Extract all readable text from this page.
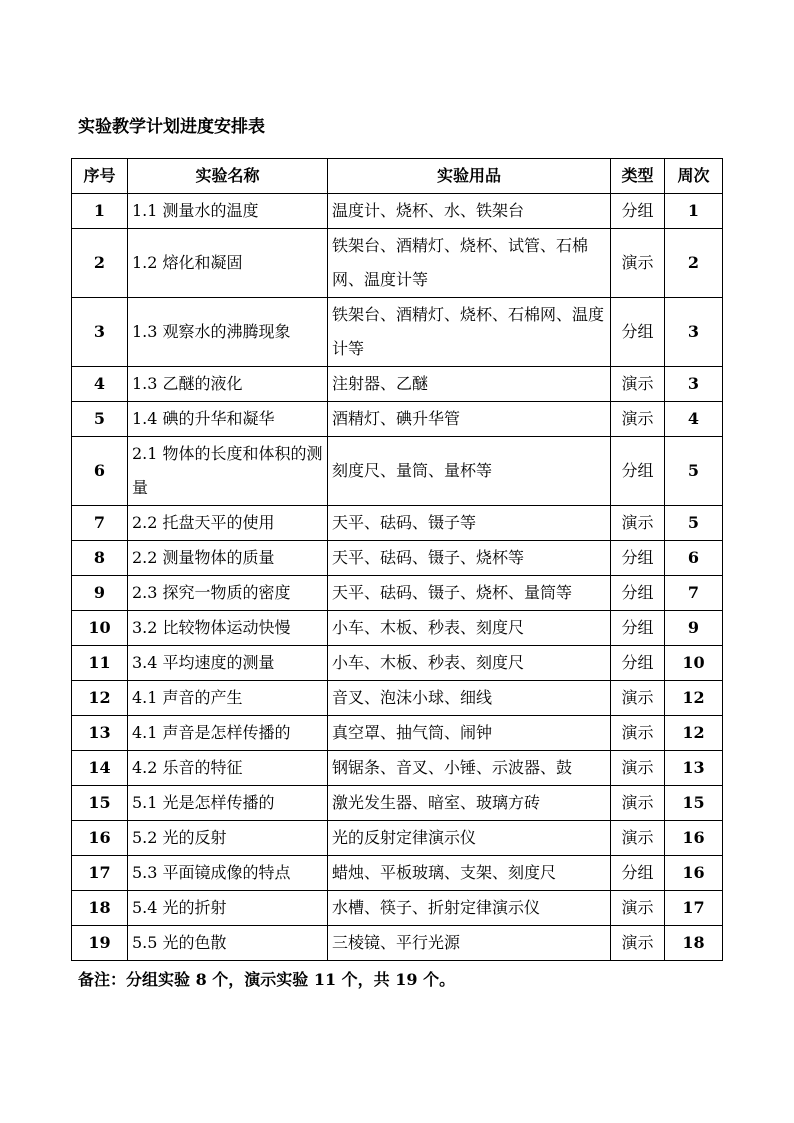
实验教学计划进度安排表
序号	实验名称	实验用品	类型	周次
1	1.1 测量水的温度	温度计、烧杯、水、铁架台	分组	1
2	1.2 熔化和凝固	铁架台、酒精灯、烧杯、试管、石棉网、温度计等	演示	2
3	1.3 观察水的沸腾现象	铁架台、酒精灯、烧杯、石棉网、温度计等	分组	3
4	1.3 乙醚的液化	注射器、乙醚	演示	3
5	1.4 碘的升华和凝华	酒精灯、碘升华管	演示	4
6	2.1 物体的长度和体积的测量	刻度尺、量筒、量杯等	分组	5
7	2.2 托盘天平的使用	天平、砝码、镊子等	演示	5
8	2.2 测量物体的质量	天平、砝码、镊子、烧杯等	分组	6
9	2.3 探究一物质的密度	天平、砝码、镊子、烧杯、量筒等	分组	7
10	3.2 比较物体运动快慢	小车、木板、秒表、刻度尺	分组	9
11	3.4 平均速度的测量	小车、木板、秒表、刻度尺	分组	10
12	4.1 声音的产生	音叉、泡沫小球、细线	演示	12
13	4.1 声音是怎样传播的	真空罩、抽气筒、闹钟	演示	12
14	4.2 乐音的特征	钢锯条、音叉、小锤、示波器、鼓	演示	13
15	5.1 光是怎样传播的	激光发生器、暗室、玻璃方砖	演示	15
16	5.2 光的反射	光的反射定律演示仪	演示	16
17	5.3 平面镜成像的特点	蜡烛、平板玻璃、支架、刻度尺	分组	16
18	5.4 光的折射	水槽、筷子、折射定律演示仪	演示	17
19	5.5 光的色散	三棱镜、平行光源	演示	18
备注：分组实验 8 个，演示实验 11 个，共 19 个。
